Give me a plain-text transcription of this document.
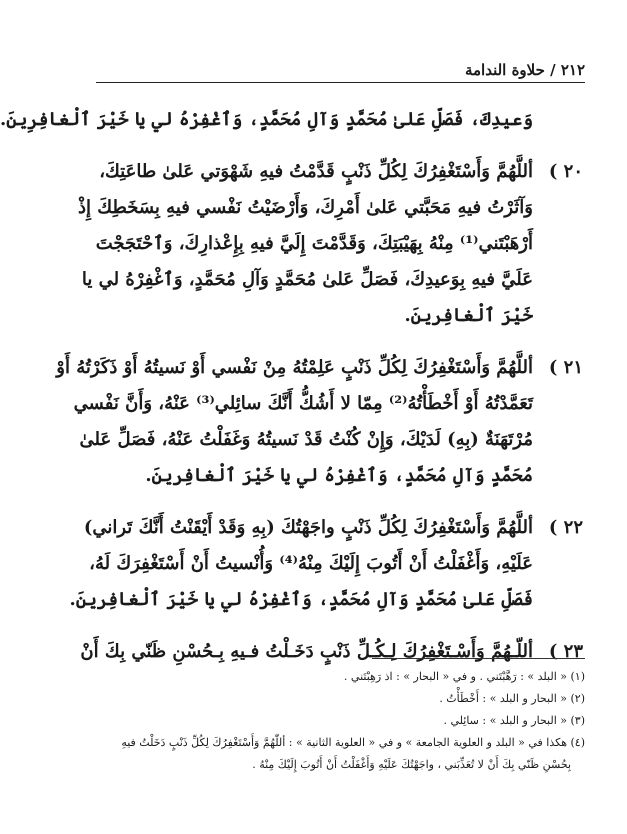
٢١٢ / حلاوة الندامة
وَعيدِكَ، فَصَلِّ عَلىٰ مُحَمَّدٍ وَآلِ مُحَمَّدٍ، وَٱغْفِرْهُ لي يا خَيْرَ ٱلْغافِرِينَ.
٢٠ )
أللَّهُمَّ وَأَسْتَغْفِرُكَ لِكُلِّ ذَنْبٍ قَدَّمْتُ فيهِ شَهْوَتي عَلىٰ طاعَتِكَ،
وَآثَرْتُ فيهِ مَحَبَّتي عَلىٰ أَمْرِكَ، وَأَرْضَيْتُ نَفْسي فيهِ بِسَخَطِكَ إِذْ
أَرْهَبْتَني⁽¹⁾ مِنْهُ بِهَيْبَتِكَ، وَقَدَّمْتَ إِلَيَّ فيهِ بِإِعْذارِكَ، وَٱحْتَجَجْتَ
عَلَيَّ فيهِ بِوَعيدِكَ، فَصَلِّ عَلىٰ مُحَمَّدٍ وَآلِ مُحَمَّدٍ، وَٱغْفِرْهُ لي يا
خَيْرَ ٱلْغافِرينَ.
٢١ )
أللَّهُمَّ وَأَسْتَغْفِرُكَ لِكُلِّ ذَنْبٍ عَلِمْتُهُ مِنْ نَفْسي أَوْ نَسيتُهُ أَوْ ذَكَرْتُهُ أَوْ
تَعَمَّدْتُهُ أَوْ أَخْطَأْتُهُ⁽²⁾ مِمّا لا أَشُكُّ أَنَّكَ سائِلي⁽³⁾ عَنْهُ، وَأَنَّ نَفْسي
مُرْتَهَنَةٌ (بِهِ) لَدَيْكَ، وَإِنْ كُنْتُ قَدْ نَسيتُهُ وَغَفَلْتُ عَنْهُ، فَصَلِّ عَلىٰ
مُحَمَّدٍ وَآلِ مُحَمَّدٍ، وَٱغْفِرْهُ لي يا خَيْرَ ٱلْغافِرينَ.
٢٢ )
أللَّهُمَّ وَأَسْتَغْفِرُكَ لِكُلِّ ذَنْبٍ واجَهْتُكَ (بِهِ وَقَدْ أَيْقَنْتُ أَنَّكَ تَراني)
عَلَيْهِ، وَأَغْفَلْتُ أَنْ أَتُوبَ إِلَيْكَ مِنْهُ⁽⁴⁾ وَأُنْسيتُ أَنْ أَسْتَغْفِرَكَ لَهُ،
فَصَلِّ عَلىٰ مُحَمَّدٍ وَآلِ مُحَمَّدٍ، وَٱغْفِرْهُ لي يا خَيْرَ ٱلْغافِرينَ.
٢٣ )
أللّـهُمَّ وَأَسْـتَغْفِرُكَ لِـكُـلِّ ذَنْبٍ دَخَـلْتُ فـيهِ بِـحُسْنِ ظَنّي بِكَ أَنْ
(١) « البلد » : رَهَّبْتَني . و في « البحار » : اذ رَهِبْتَني .
(٢) « البحار و البلد » : أَخْطَأْتُ .
(٣) « البحار و البلد » : سائِلي .
(٤) هكذا في « البلد و العلوية الجامعة » و في « العلوية الثانية » : أللّٰهُمَّ وَأَسْتَغْفِرُكَ لِكُلِّ ذَنْبٍ دَخَلْتُ فيهِ
بِحُسْنِ ظَنّي بِكَ أَنْ لا تُعَذِّبَني ، واجَهْتُكَ عَلَيْهِ وَأَغْفَلْتُ أَنْ أَتُوبَ إِلَيْكَ مِنْهُ .
